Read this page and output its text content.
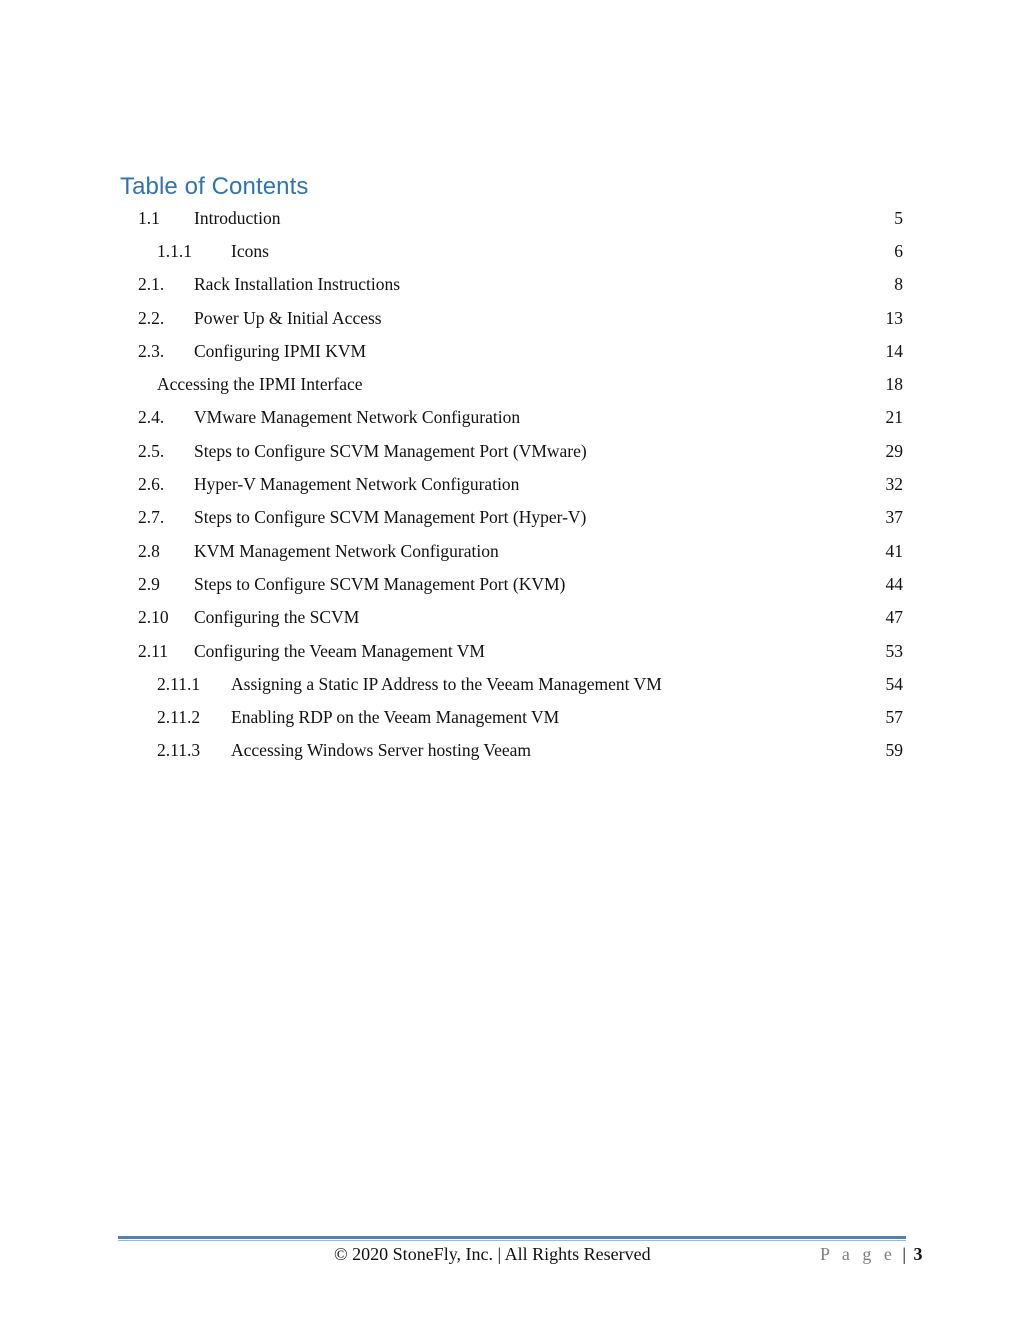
Table of Contents
1.1	Introduction	5
1.1.1	Icons	6
2.1.	Rack Installation Instructions	8
2.2.	Power Up & Initial Access	13
2.3.	Configuring IPMI KVM	14
Accessing the IPMI Interface	18
2.4.	VMware Management Network Configuration	21
2.5.	Steps to Configure SCVM Management Port (VMware)	29
2.6.	Hyper-V Management Network Configuration	32
2.7.	Steps to Configure SCVM Management Port (Hyper-V)	37
2.8	KVM Management Network Configuration	41
2.9	Steps to Configure SCVM Management Port (KVM)	44
2.10	Configuring the SCVM	47
2.11	Configuring the Veeam Management VM	53
2.11.1	Assigning a Static IP Address to the Veeam Management VM	54
2.11.2	Enabling RDP on the Veeam Management VM	57
2.11.3	Accessing Windows Server hosting Veeam	59
© 2020 StoneFly, Inc. | All Rights Reserved	P a g e | 3
